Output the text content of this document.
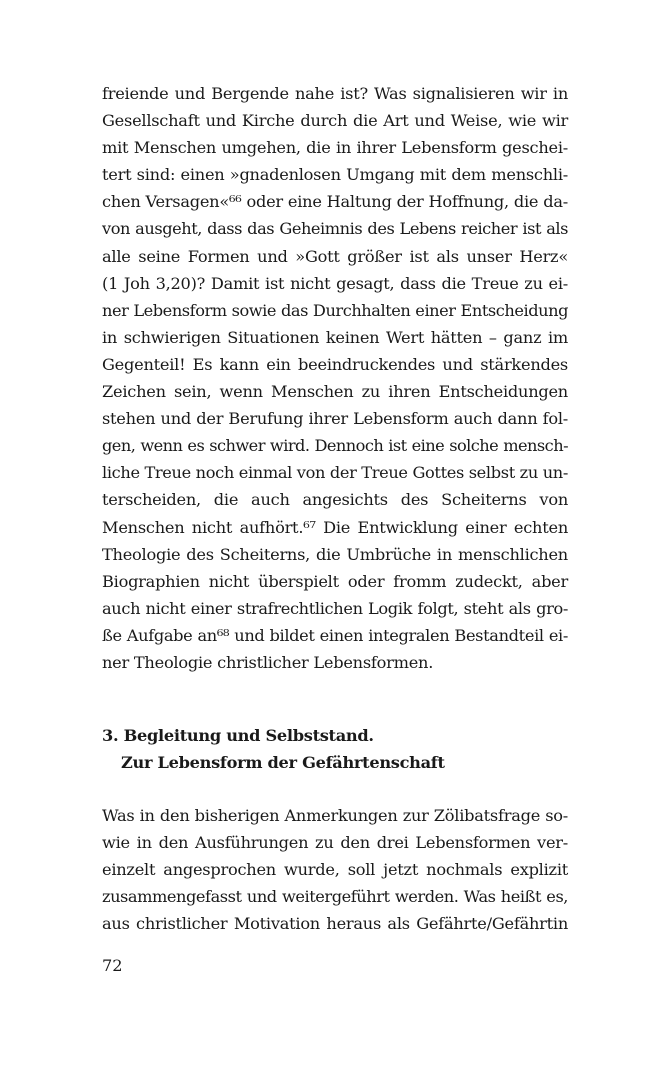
freiende und Bergende nahe ist? Was signalisieren wir in
Gesellschaft und Kirche durch die Art und Weise, wie wir
mit Menschen umgehen, die in ihrer Lebensform geschei-
tert sind: einen »gnadenlosen Umgang mit dem menschli-
chen Versagen«⁶⁶ oder eine Haltung der Hoffnung, die da-
von ausgeht, dass das Geheimnis des Lebens reicher ist als
alle seine Formen und »Gott größer ist als unser Herz«
(1 Joh 3,20)? Damit ist nicht gesagt, dass die Treue zu ei-
ner Lebensform sowie das Durchhalten einer Entscheidung
in schwierigen Situationen keinen Wert hätten – ganz im
Gegenteil! Es kann ein beeindruckendes und stärkendes
Zeichen sein, wenn Menschen zu ihren Entscheidungen
stehen und der Berufung ihrer Lebensform auch dann fol-
gen, wenn es schwer wird. Dennoch ist eine solche mensch-
liche Treue noch einmal von der Treue Gottes selbst zu un-
terscheiden, die auch angesichts des Scheiterns von
Menschen nicht aufhört.⁶⁷ Die Entwicklung einer echten
Theologie des Scheiterns, die Umbrüche in menschlichen
Biographien nicht überspielt oder fromm zudeckt, aber
auch nicht einer strafrechtlichen Logik folgt, steht als gro-
ße Aufgabe an⁶⁸ und bildet einen integralen Bestandteil ei-
ner Theologie christlicher Lebensformen.
3. Begleitung und Selbststand.
Zur Lebensform der Gefährtenschaft
Was in den bisherigen Anmerkungen zur Zölibatsfrage so-
wie in den Ausführungen zu den drei Lebensformen ver-
einzelt angesprochen wurde, soll jetzt nochmals explizit
zusammengefasst und weitergeführt werden. Was heißt es,
aus christlicher Motivation heraus als Gefährte/Gefährtin
72
